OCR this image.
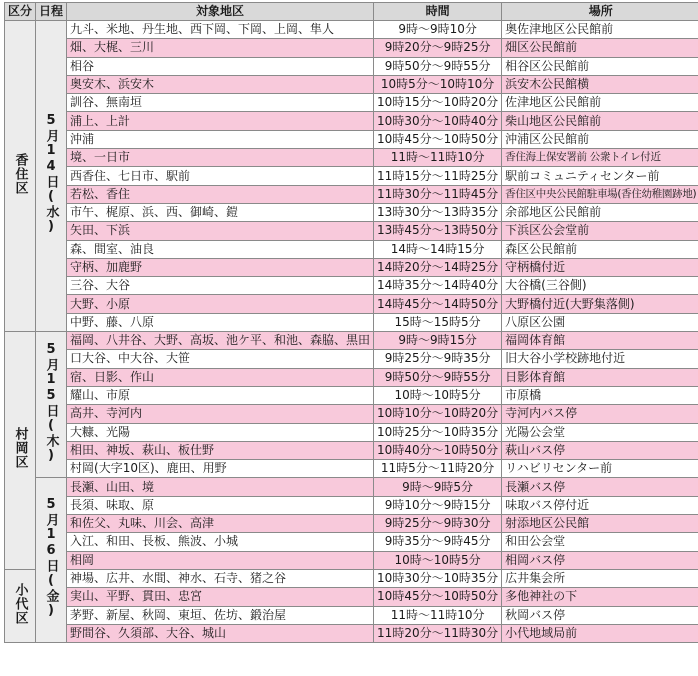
区分	日程	対象地区	時間	場所
香住区	5月14日(水)	九斗、米地、丹生地、西下岡、下岡、上岡、隼人	9時〜9時10分	奥佐津地区公民館前
		畑、大梶、三川	9時20分〜9時25分	畑区公民館前
		相谷	9時50分〜9時55分	相谷区公民館前
		奥安木、浜安木	10時5分〜10時10分	浜安木公民館横
		訓谷、無南垣	10時15分〜10時20分	佐津地区公民館前
		浦上、上計	10時30分〜10時40分	柴山地区公民館前
		沖浦	10時45分〜10時50分	沖浦区公民館前
		境、一日市	11時〜11時10分	香住海上保安署前 公衆トイレ付近
		西香住、七日市、駅前	11時15分〜11時25分	駅前コミュニティセンター前
		若松、香住	11時30分〜11時45分	香住区中央公民館駐車場(香住幼稚園跡地)
		市午、梶原、浜、西、御崎、鎧	13時30分〜13時35分	余部地区公民館前
		矢田、下浜	13時45分〜13時50分	下浜区公会堂前
		森、間室、油良	14時〜14時15分	森区公民館前
		守柄、加鹿野	14時20分〜14時25分	守柄橋付近
		三谷、大谷	14時35分〜14時40分	大谷橋(三谷側)
		大野、小原	14時45分〜14時50分	大野橋付近(大野集落側)
		中野、藤、八原	15時〜15時5分	八原区公園
村岡区	5月15日(木)	福岡、八井谷、大野、高坂、池ケ平、和池、森脇、黒田	9時〜9時15分	福岡体育館
		口大谷、中大谷、大笹	9時25分〜9時35分	旧大谷小学校跡地付近
		宿、日影、作山	9時50分〜9時55分	日影体育館
		耀山、市原	10時〜10時5分	市原橋
		高井、寺河内	10時10分〜10時20分	寺河内バス停
		大糠、光陽	10時25分〜10時35分	光陽公会堂
		相田、神坂、萩山、板仕野	10時40分〜10時50分	萩山バス停
		村岡(大字10区)、鹿田、用野	11時5分〜11時20分	リハビリセンター前
	5月16日(金)	長瀬、山田、境	9時〜9時5分	長瀬バス停
		長須、味取、原	9時10分〜9時15分	味取バス停付近
		和佐父、丸味、川会、高津	9時25分〜9時30分	射添地区公民館
		入江、和田、長板、熊波、小城	9時35分〜9時45分	和田公会堂
		相岡	10時〜10時5分	相岡バス停
小代区		神場、広井、水間、神水、石寺、猪之谷	10時30分〜10時35分	広井集会所
		実山、平野、貫田、忠宮	10時45分〜10時50分	多他神社の下
		茅野、新屋、秋岡、東垣、佐坊、鍛治屋	11時〜11時10分	秋岡バス停
		野間谷、久須部、大谷、城山	11時20分〜11時30分	小代地域局前
